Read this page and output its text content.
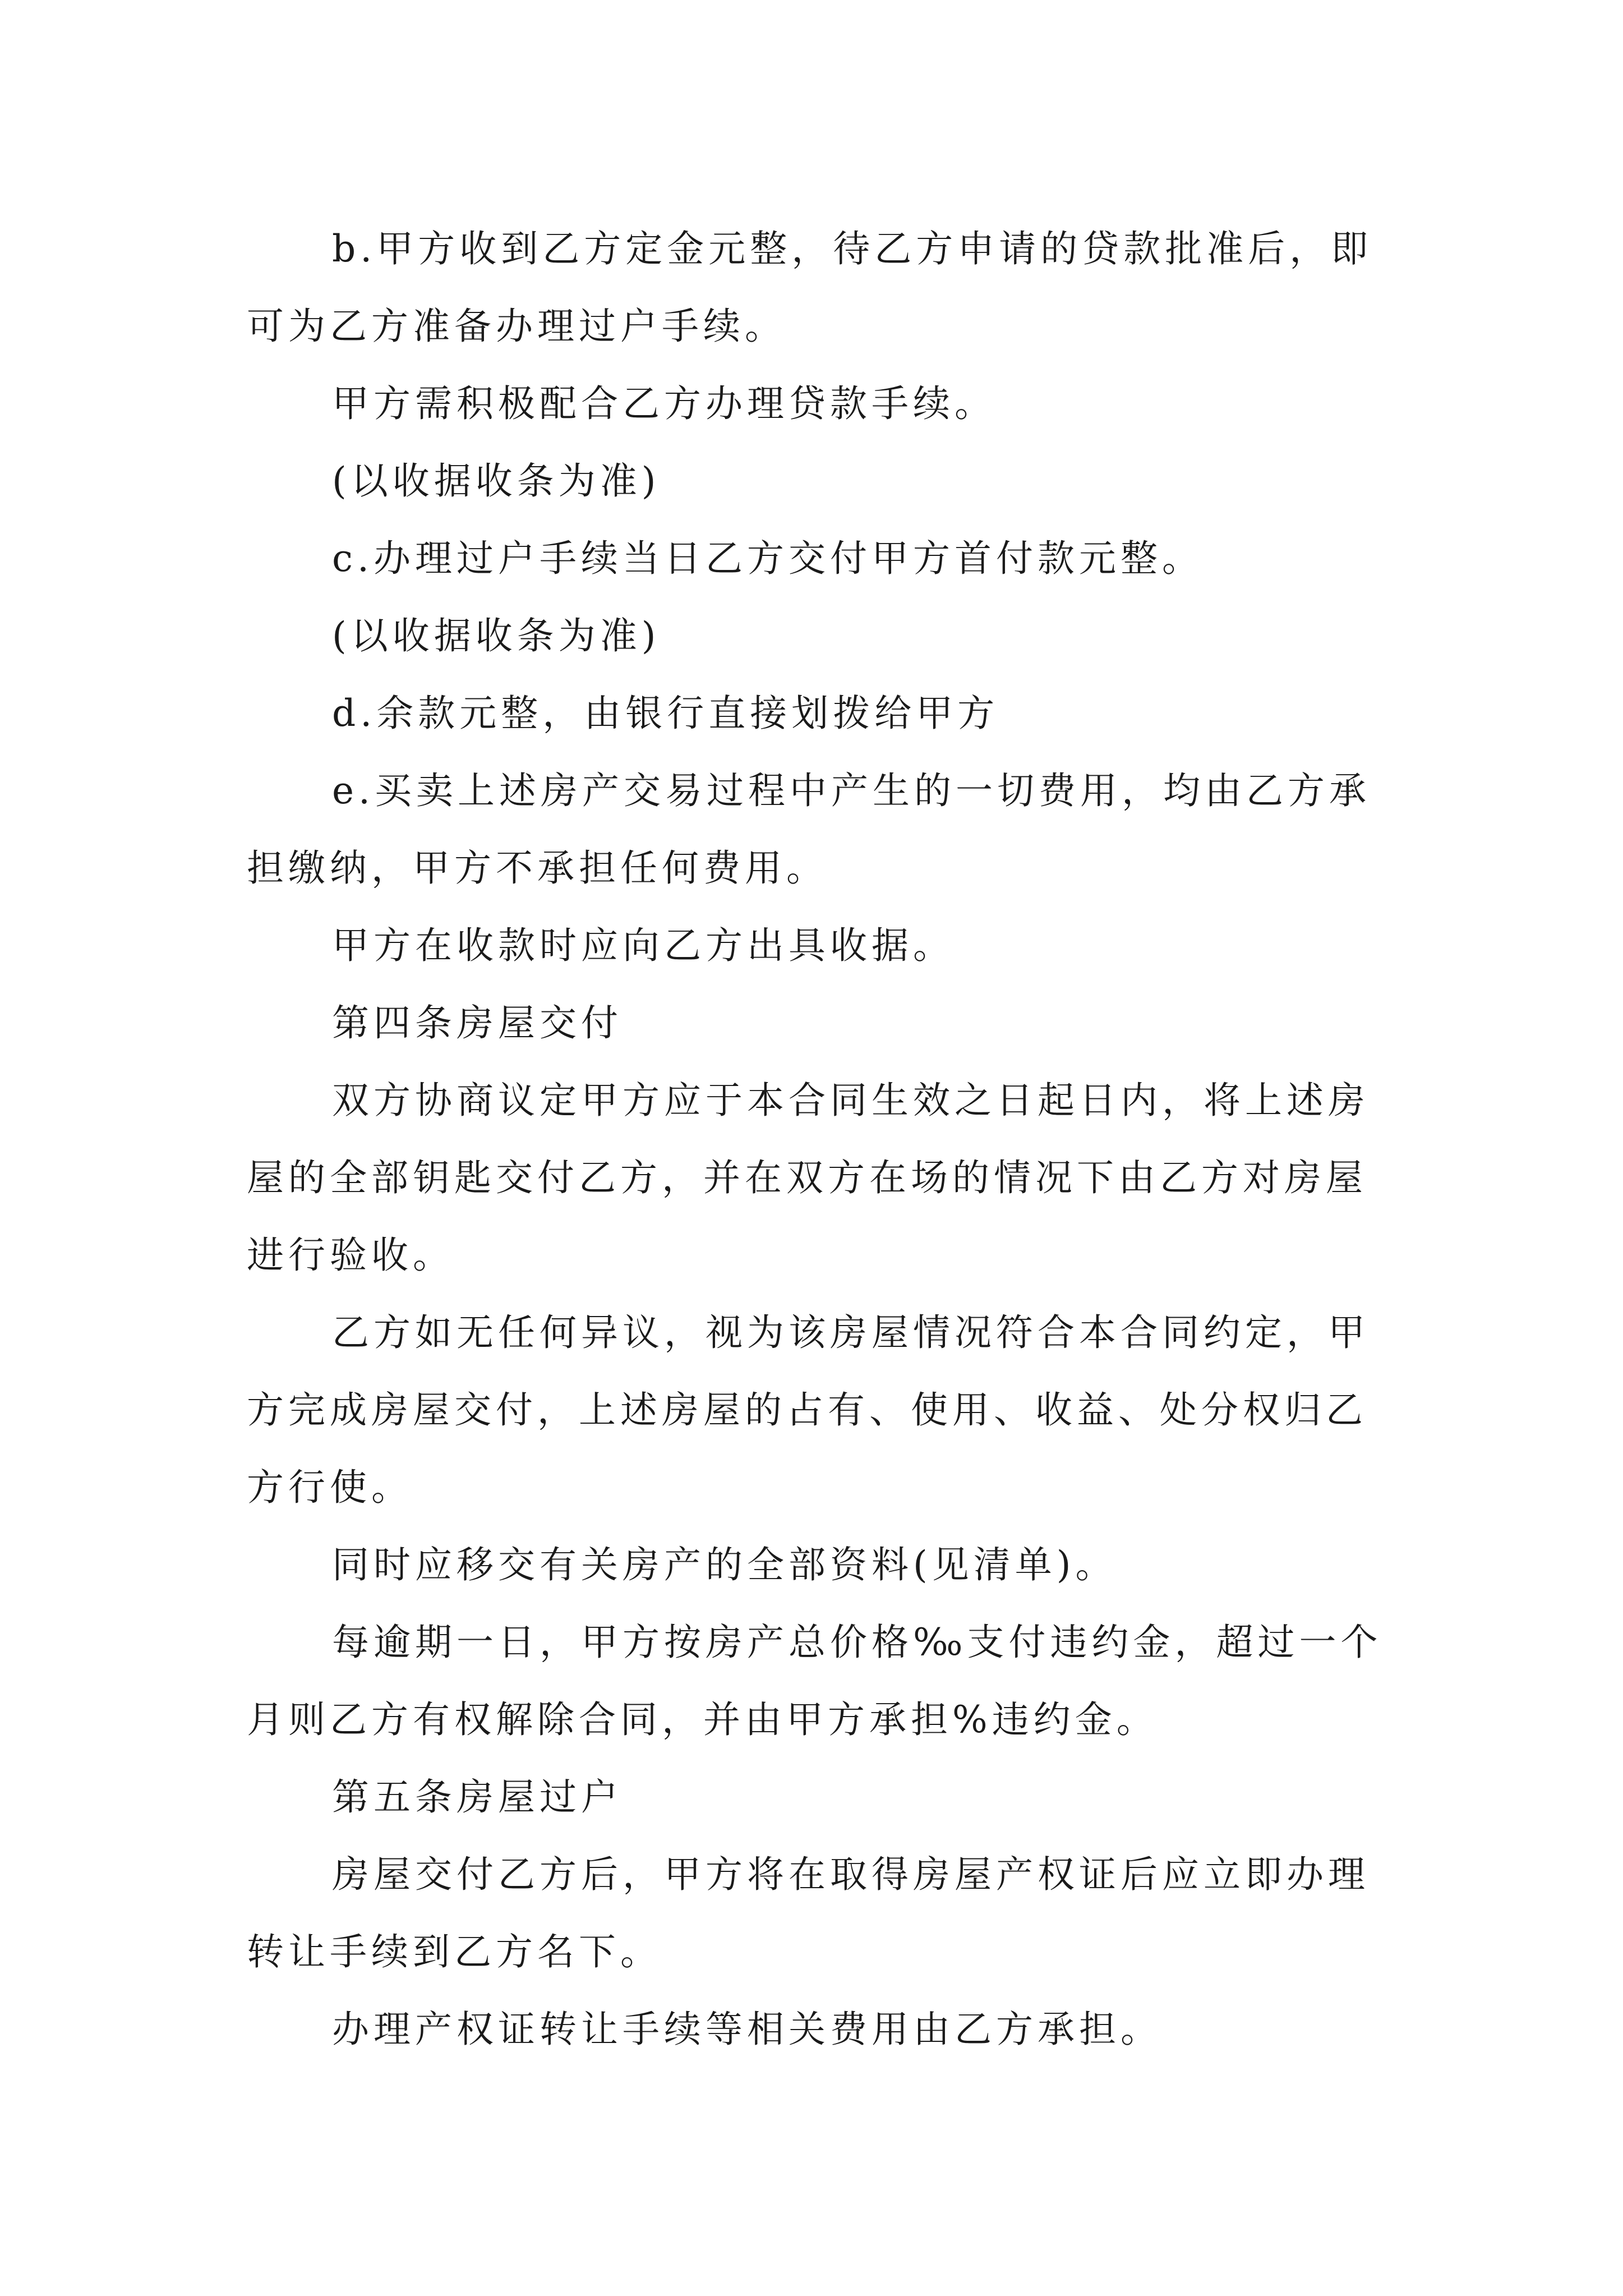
b.甲方收到乙方定金元整，待乙方申请的贷款批准后，即可为乙方准备办理过户手续。

甲方需积极配合乙方办理贷款手续。

(以收据收条为准)

c.办理过户手续当日乙方交付甲方首付款元整。

(以收据收条为准)

d.余款元整，由银行直接划拨给甲方

e.买卖上述房产交易过程中产生的一切费用，均由乙方承担缴纳，甲方不承担任何费用。

甲方在收款时应向乙方出具收据。

第四条房屋交付

双方协商议定甲方应于本合同生效之日起日内，将上述房屋的全部钥匙交付乙方，并在双方在场的情况下由乙方对房屋进行验收。

乙方如无任何异议，视为该房屋情况符合本合同约定，甲方完成房屋交付，上述房屋的占有、使用、收益、处分权归乙方行使。

同时应移交有关房产的全部资料(见清单)。

每逾期一日，甲方按房产总价格‰支付违约金，超过一个月则乙方有权解除合同，并由甲方承担%违约金。

第五条房屋过户

房屋交付乙方后，甲方将在取得房屋产权证后应立即办理转让手续到乙方名下。

办理产权证转让手续等相关费用由乙方承担。
